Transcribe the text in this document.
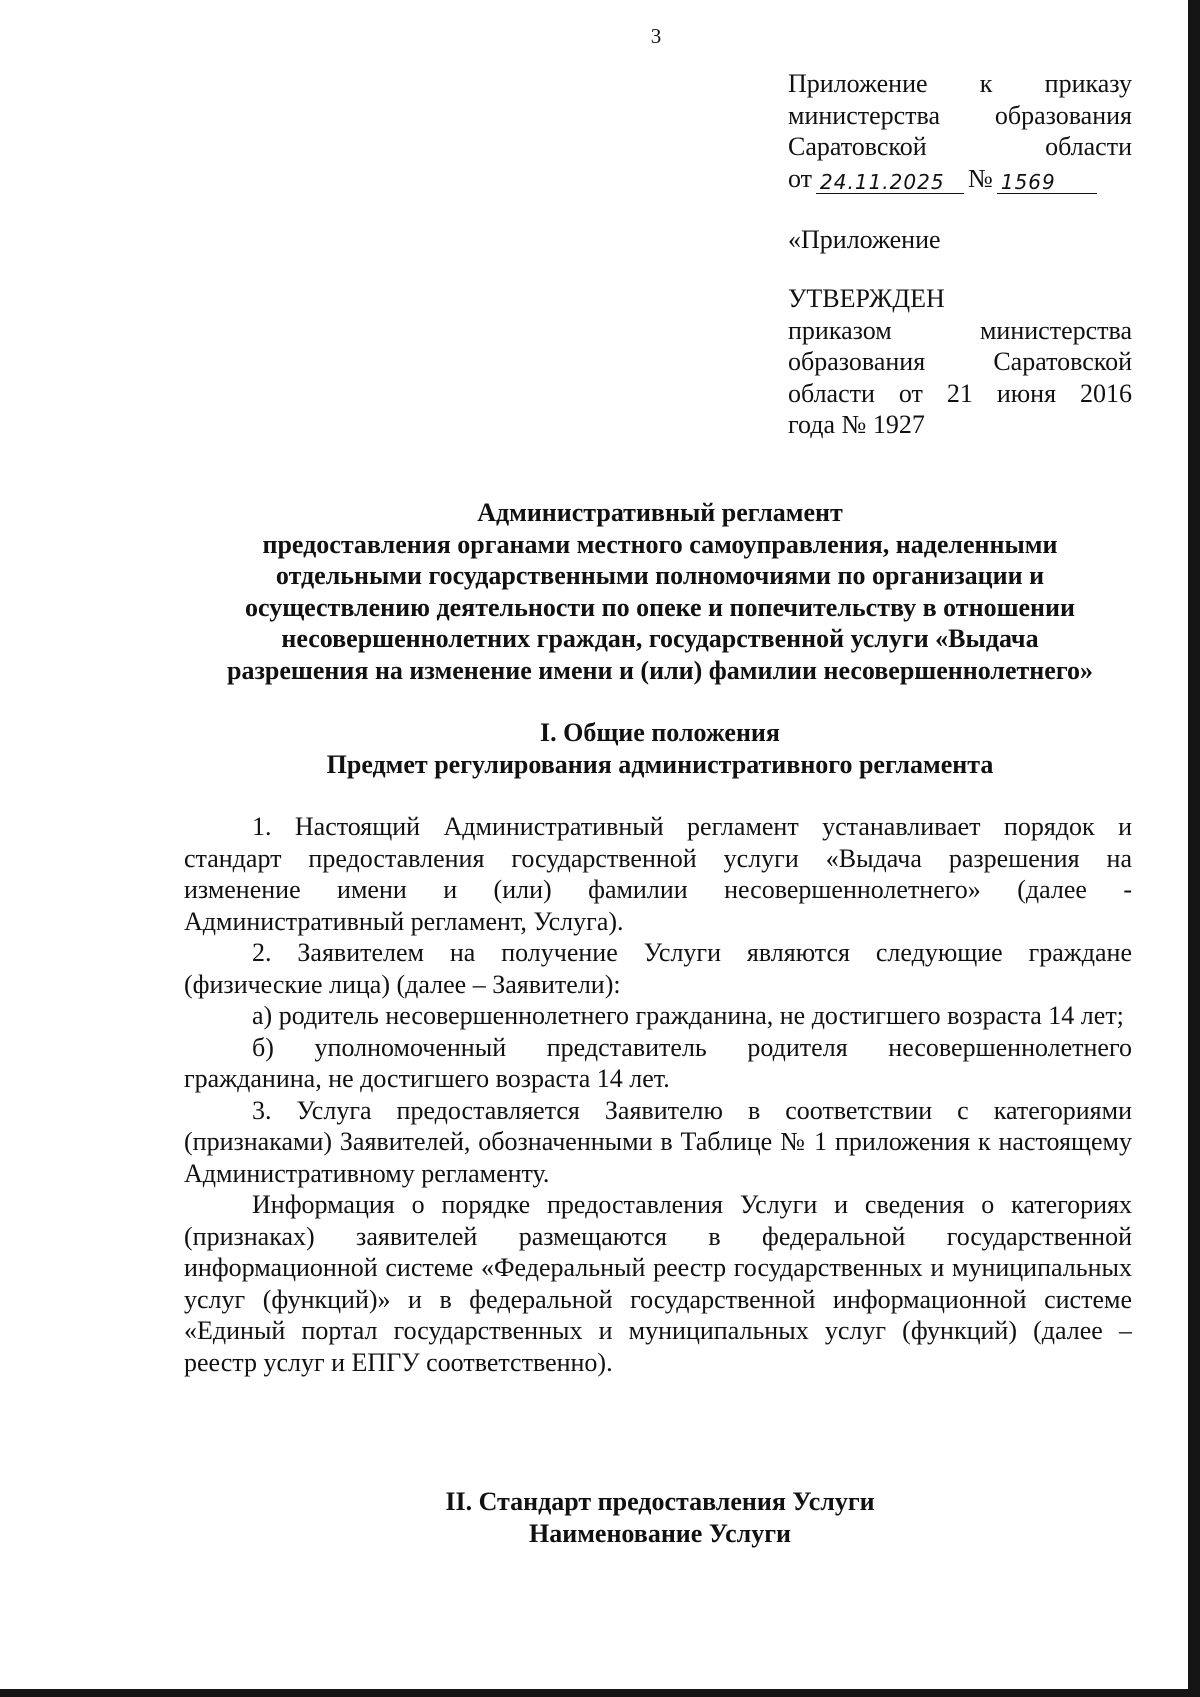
3
Приложение к приказу
министерства образования
Саратовской области
от 24.11.2025 № 1569
«Приложение
УТВЕРЖДЕН
приказом министерства
образования Саратовской
области от 21 июня 2016
года № 1927
Административный регламент
предоставления органами местного самоуправления, наделенными
отдельными государственными полномочиями по организации и
осуществлению деятельности по опеке и попечительству в отношении
несовершеннолетних граждан, государственной услуги «Выдача
разрешения на изменение имени и (или) фамилии несовершеннолетнего»
I. Общие положения
Предмет регулирования административного регламента

1. Настоящий Административный регламент устанавливает порядок и стандарт предоставления государственной услуги «Выдача разрешения на изменение имени и (или) фамилии несовершеннолетнего» (далее - Административный регламент, Услуга).

2. Заявителем на получение Услуги являются следующие граждане (физические лица) (далее – Заявители):

а) родитель несовершеннолетнего гражданина, не достигшего возраста 14 лет;

б) уполномоченный представитель родителя несовершеннолетнего гражданина, не достигшего возраста 14 лет.

3. Услуга предоставляется Заявителю в соответствии с категориями (признаками) Заявителей, обозначенными в Таблице № 1 приложения к настоящему Административному регламенту.

Информация о порядке предоставления Услуги и сведения о категориях (признаках) заявителей размещаются в федеральной государственной информационной системе «Федеральный реестр государственных и муниципальных услуг (функций)» и в федеральной государственной информационной системе «Единый портал государственных и муниципальных услуг (функций) (далее – реестр услуг и ЕПГУ соответственно).

II. Стандарт предоставления Услуги
Наименование Услуги
